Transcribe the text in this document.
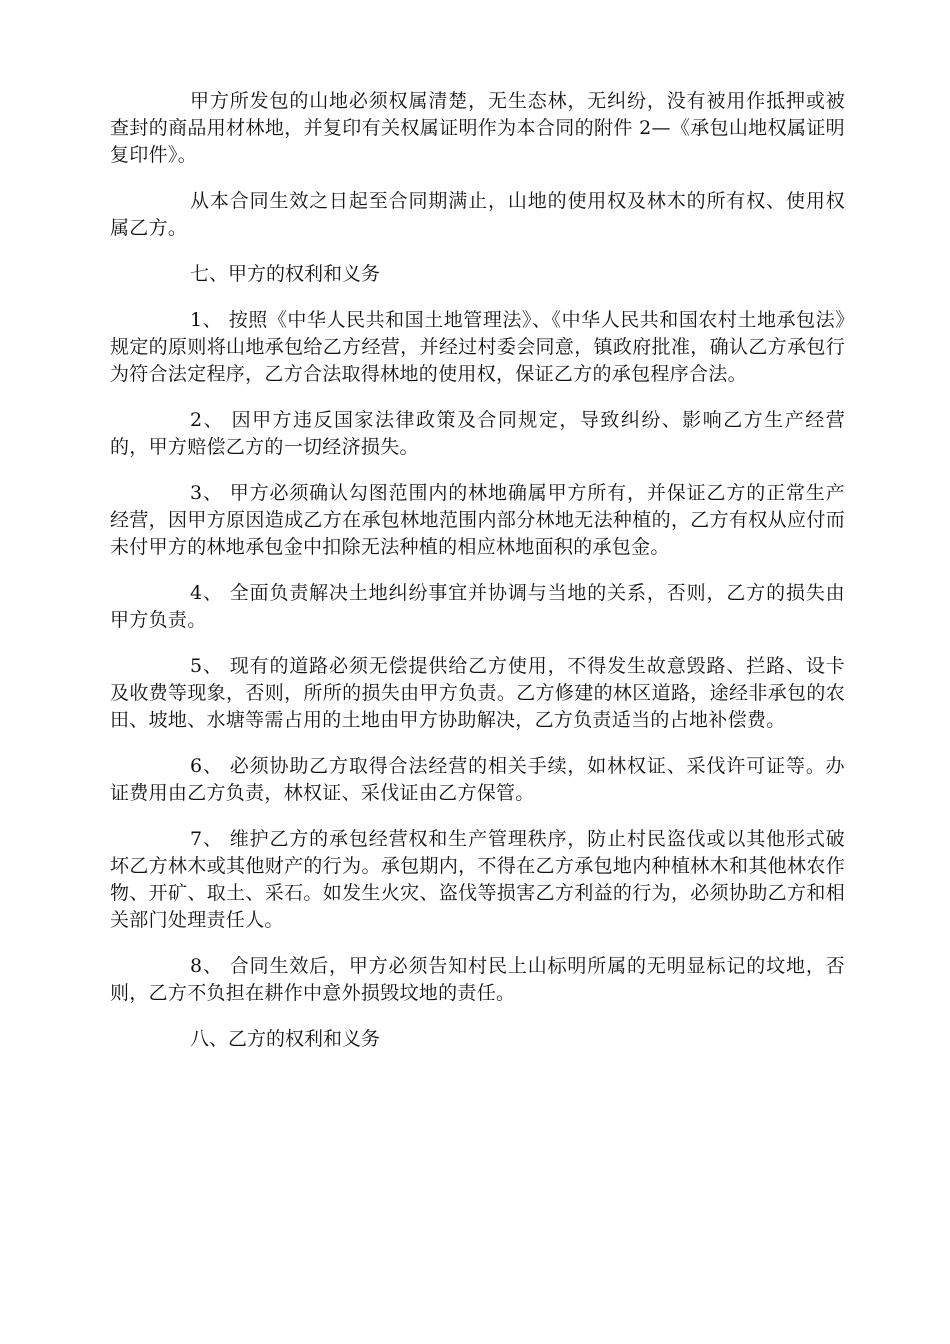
甲方所发包的山地必须权属清楚，无生态林，无纠纷，没有被用作抵押或被查封的商品用材林地，并复印有关权属证明作为本合同的附件 2—《承包山地权属证明复印件》。

从本合同生效之日起至合同期满止，山地的使用权及林木的所有权、使用权属乙方。

七、甲方的权利和义务

1、 按照《中华人民共和国土地管理法》、《中华人民共和国农村土地承包法》规定的原则将山地承包给乙方经营，并经过村委会同意，镇政府批准，确认乙方承包行为符合法定程序，乙方合法取得林地的使用权，保证乙方的承包程序合法。

2、 因甲方违反国家法律政策及合同规定，导致纠纷、影响乙方生产经营的，甲方赔偿乙方的一切经济损失。

3、 甲方必须确认勾图范围内的林地确属甲方所有，并保证乙方的正常生产经营，因甲方原因造成乙方在承包林地范围内部分林地无法种植的，乙方有权从应付而未付甲方的林地承包金中扣除无法种植的相应林地面积的承包金。

4、 全面负责解决土地纠纷事宜并协调与当地的关系，否则，乙方的损失由甲方负责。

5、 现有的道路必须无偿提供给乙方使用，不得发生故意毁路、拦路、设卡及收费等现象，否则，所所的损失由甲方负责。乙方修建的林区道路，途经非承包的农田、坡地、水塘等需占用的土地由甲方协助解决，乙方负责适当的占地补偿费。

6、 必须协助乙方取得合法经营的相关手续，如林权证、采伐许可证等。办证费用由乙方负责，林权证、采伐证由乙方保管。

7、 维护乙方的承包经营权和生产管理秩序，防止村民盗伐或以其他形式破坏乙方林木或其他财产的行为。承包期内，不得在乙方承包地内种植林木和其他林农作物、开矿、取土、采石。如发生火灾、盗伐等损害乙方利益的行为，必须协助乙方和相关部门处理责任人。

8、 合同生效后，甲方必须告知村民上山标明所属的无明显标记的坟地，否则，乙方不负担在耕作中意外损毁坟地的责任。

八、乙方的权利和义务
